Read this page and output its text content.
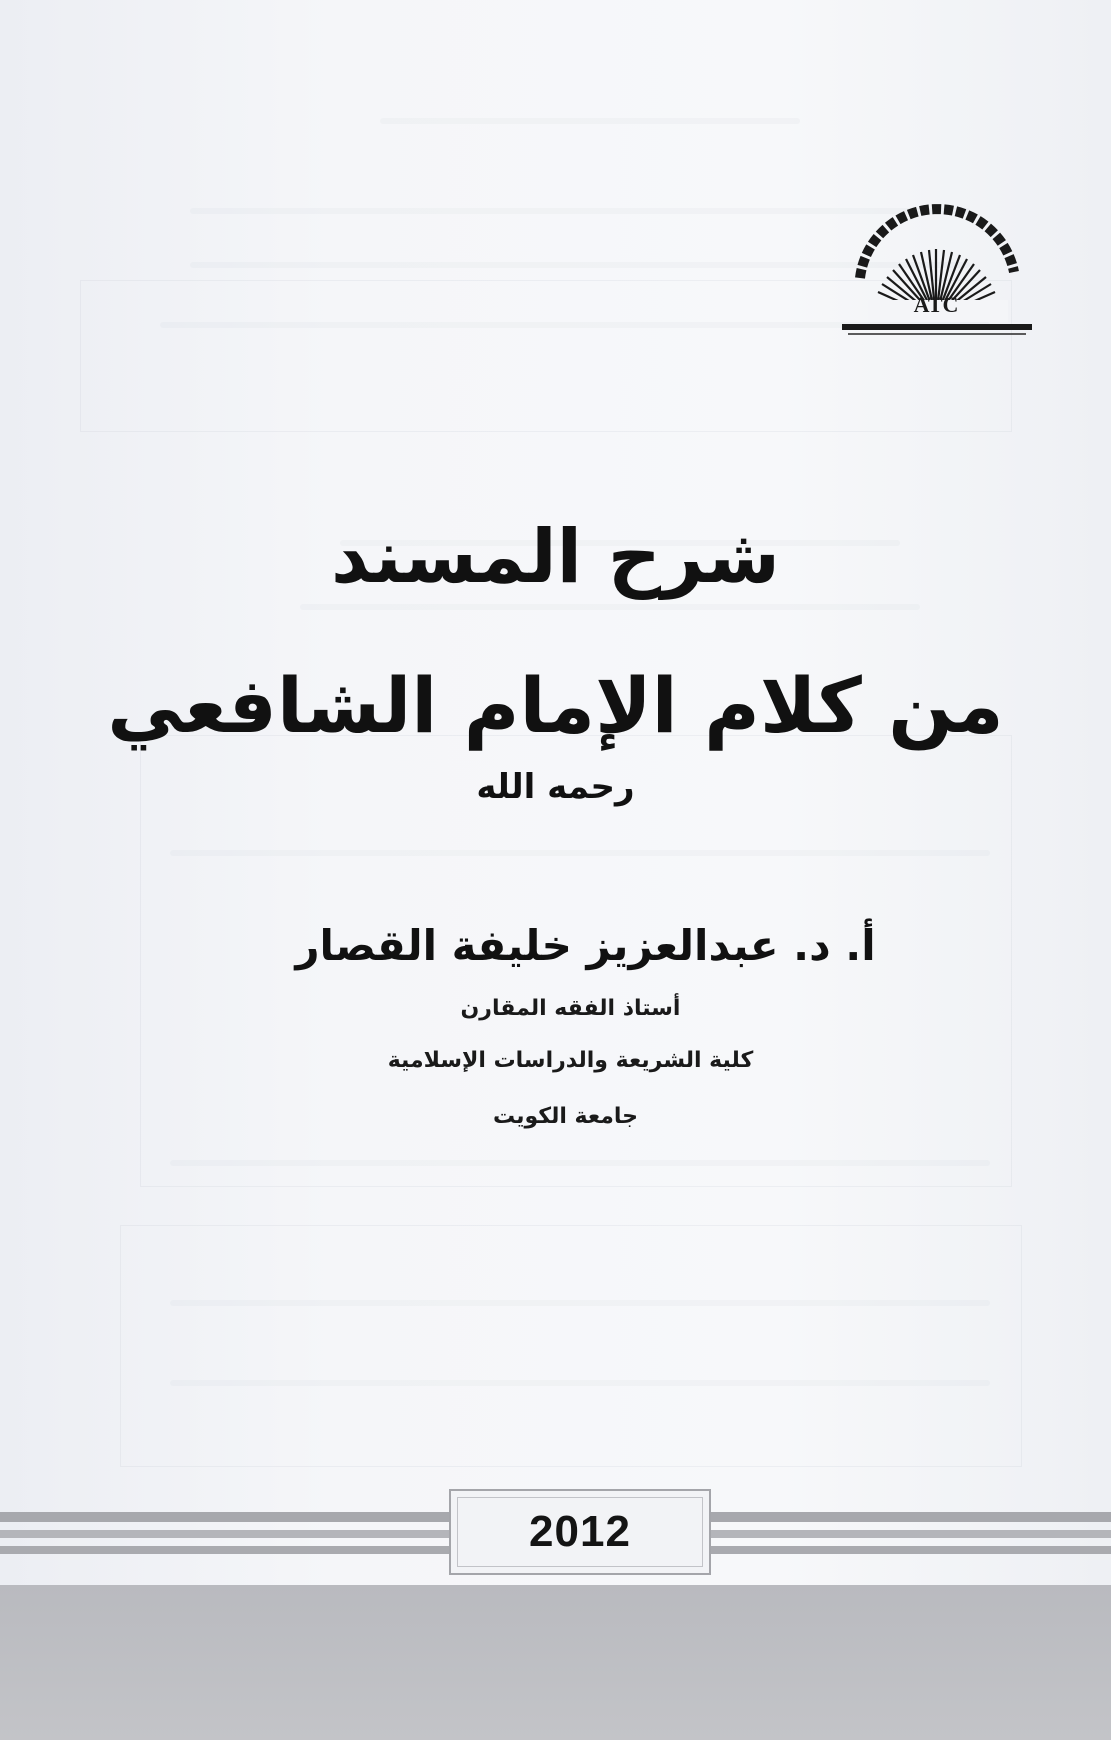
ATC
شرح المسند
من كلام الإمام الشافعي
رحمه الله
أ. د. عبدالعزيز خليفة القصار
أستاذ الفقه المقارن
كلية الشريعة والدراسات الإسلامية
جامعة الكويت
2012
